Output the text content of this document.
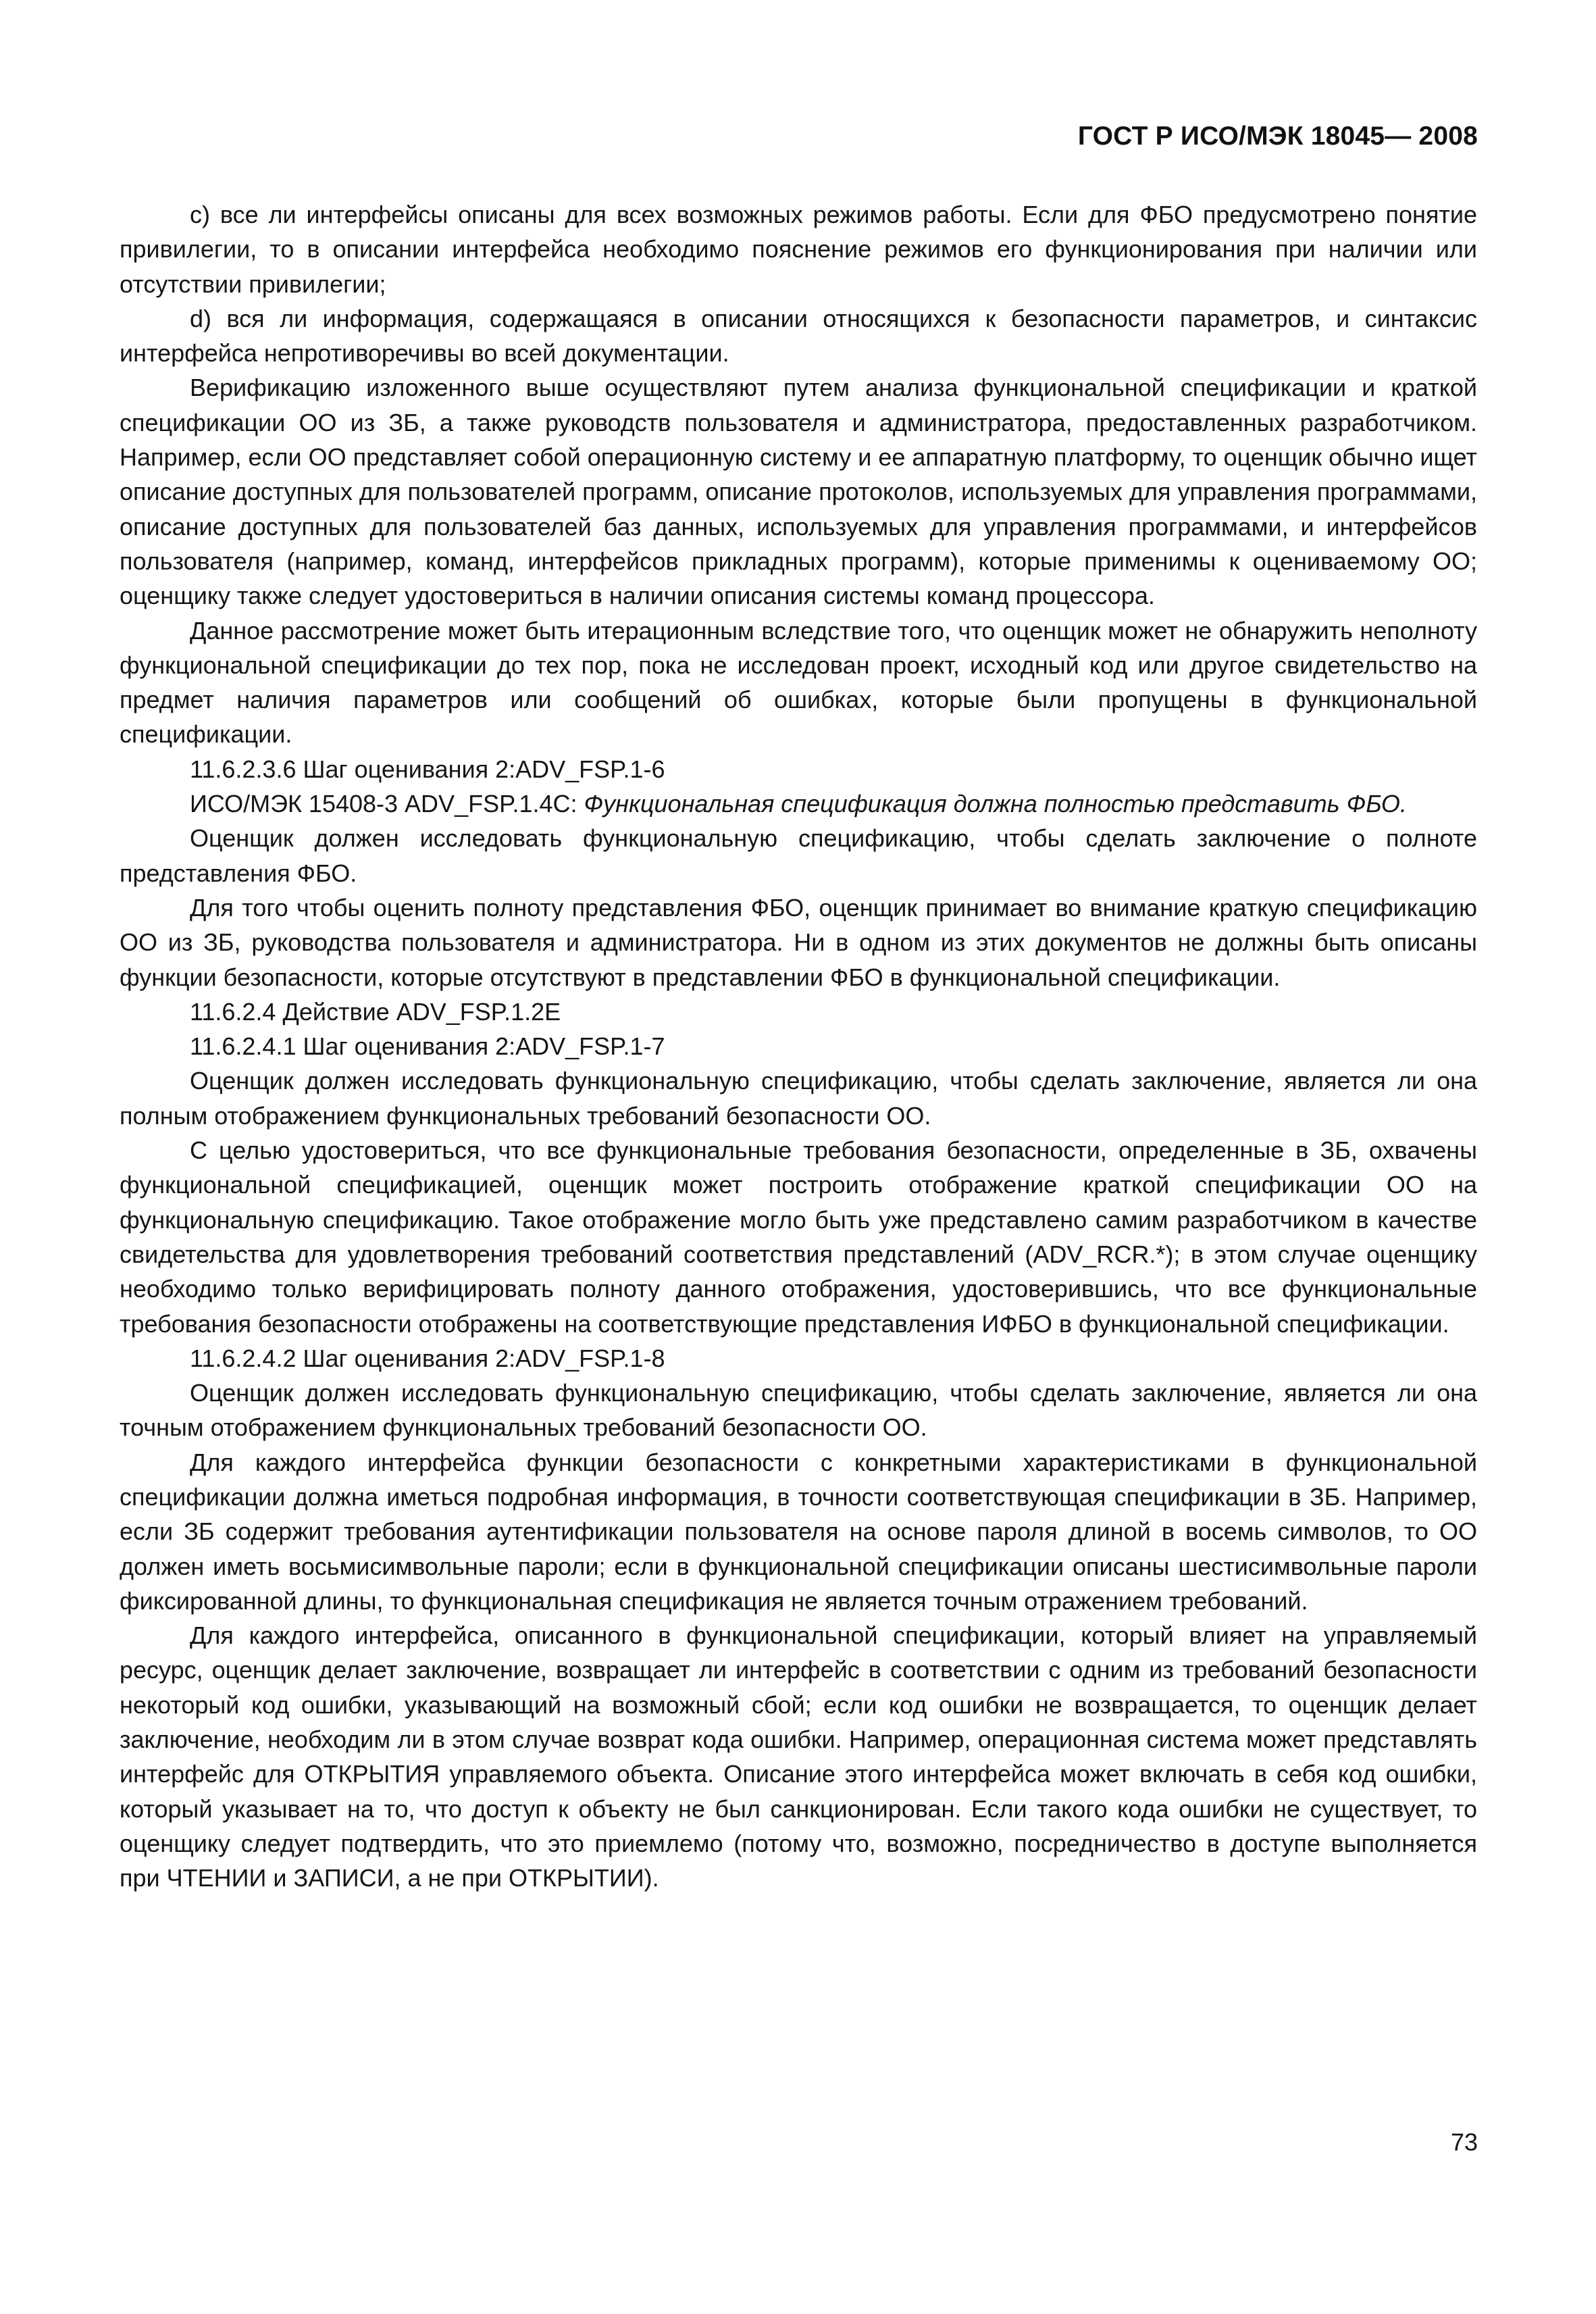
ГОСТ Р ИСО/МЭК 18045— 2008

с) все ли интерфейсы описаны для всех возможных режимов работы. Если для ФБО предусмотрено понятие привилегии, то в описании интерфейса необходимо пояснение режимов его функционирования при наличии или отсутствии привилегии;

d) вся ли информация, содержащаяся в описании относящихся к безопасности параметров, и синтаксис интерфейса непротиворечивы во всей документации.

Верификацию изложенного выше осуществляют путем анализа функциональной спецификации и краткой спецификации ОО из ЗБ, а также руководств пользователя и администратора, предоставленных разработчиком. Например, если ОО представляет собой операционную систему и ее аппаратную платформу, то оценщик обычно ищет описание доступных для пользователей программ, описание протоколов, используемых для управления программами, описание доступных для пользователей баз данных, используемых для управления программами, и интерфейсов пользователя (например, команд, интерфейсов прикладных программ), которые применимы к оцениваемому ОО; оценщику также следует удостовериться в наличии описания системы команд процессора.

Данное рассмотрение может быть итерационным вследствие того, что оценщик может не обнаружить неполноту функциональной спецификации до тех пор, пока не исследован проект, исходный код или другое свидетельство на предмет наличия параметров или сообщений об ошибках, которые были пропущены в функциональной спецификации.

11.6.2.3.6 Шаг оценивания 2:ADV_FSP.1-6

ИСО/МЭК 15408-3 ADV_FSP.1.4C: Функциональная спецификация должна полностью представить ФБО.

Оценщик должен исследовать функциональную спецификацию, чтобы сделать заключение о полноте представления ФБО.

Для того чтобы оценить полноту представления ФБО, оценщик принимает во внимание краткую спецификацию ОО из ЗБ, руководства пользователя и администратора. Ни в одном из этих документов не должны быть описаны функции безопасности, которые отсутствуют в представлении ФБО в функциональной спецификации.

11.6.2.4 Действие ADV_FSP.1.2E

11.6.2.4.1 Шаг оценивания 2:ADV_FSP.1-7

Оценщик должен исследовать функциональную спецификацию, чтобы сделать заключение, является ли она полным отображением функциональных требований безопасности ОО.

С целью удостовериться, что все функциональные требования безопасности, определенные в ЗБ, охвачены функциональной спецификацией, оценщик может построить отображение краткой спецификации ОО на функциональную спецификацию. Такое отображение могло быть уже представлено самим разработчиком в качестве свидетельства для удовлетворения требований соответствия представлений (ADV_RCR.*); в этом случае оценщику необходимо только верифицировать полноту данного отображения, удостоверившись, что все функциональные требования безопасности отображены на соответствующие представления ИФБО в функциональной спецификации.

11.6.2.4.2 Шаг оценивания 2:ADV_FSP.1-8

Оценщик должен исследовать функциональную спецификацию, чтобы сделать заключение, является ли она точным отображением функциональных требований безопасности ОО.

Для каждого интерфейса функции безопасности с конкретными характеристиками в функциональной спецификации должна иметься подробная информация, в точности соответствующая спецификации в ЗБ. Например, если ЗБ содержит требования аутентификации пользователя на основе пароля длиной в восемь символов, то ОО должен иметь восьмисимвольные пароли; если в функциональной спецификации описаны шестисимвольные пароли фиксированной длины, то функциональная спецификация не является точным отражением требований.

Для каждого интерфейса, описанного в функциональной спецификации, который влияет на управляемый ресурс, оценщик делает заключение, возвращает ли интерфейс в соответствии с одним из требований безопасности некоторый код ошибки, указывающий на возможный сбой; если код ошибки не возвращается, то оценщик делает заключение, необходим ли в этом случае возврат кода ошибки. Например, операционная система может представлять интерфейс для ОТКРЫТИЯ управляемого объекта. Описание этого интерфейса может включать в себя код ошибки, который указывает на то, что доступ к объекту не был санкционирован. Если такого кода ошибки не существует, то оценщику следует подтвердить, что это приемлемо (потому что, возможно, посредничество в доступе выполняется при ЧТЕНИИ и ЗАПИСИ, а не при ОТКРЫТИИ).

73
